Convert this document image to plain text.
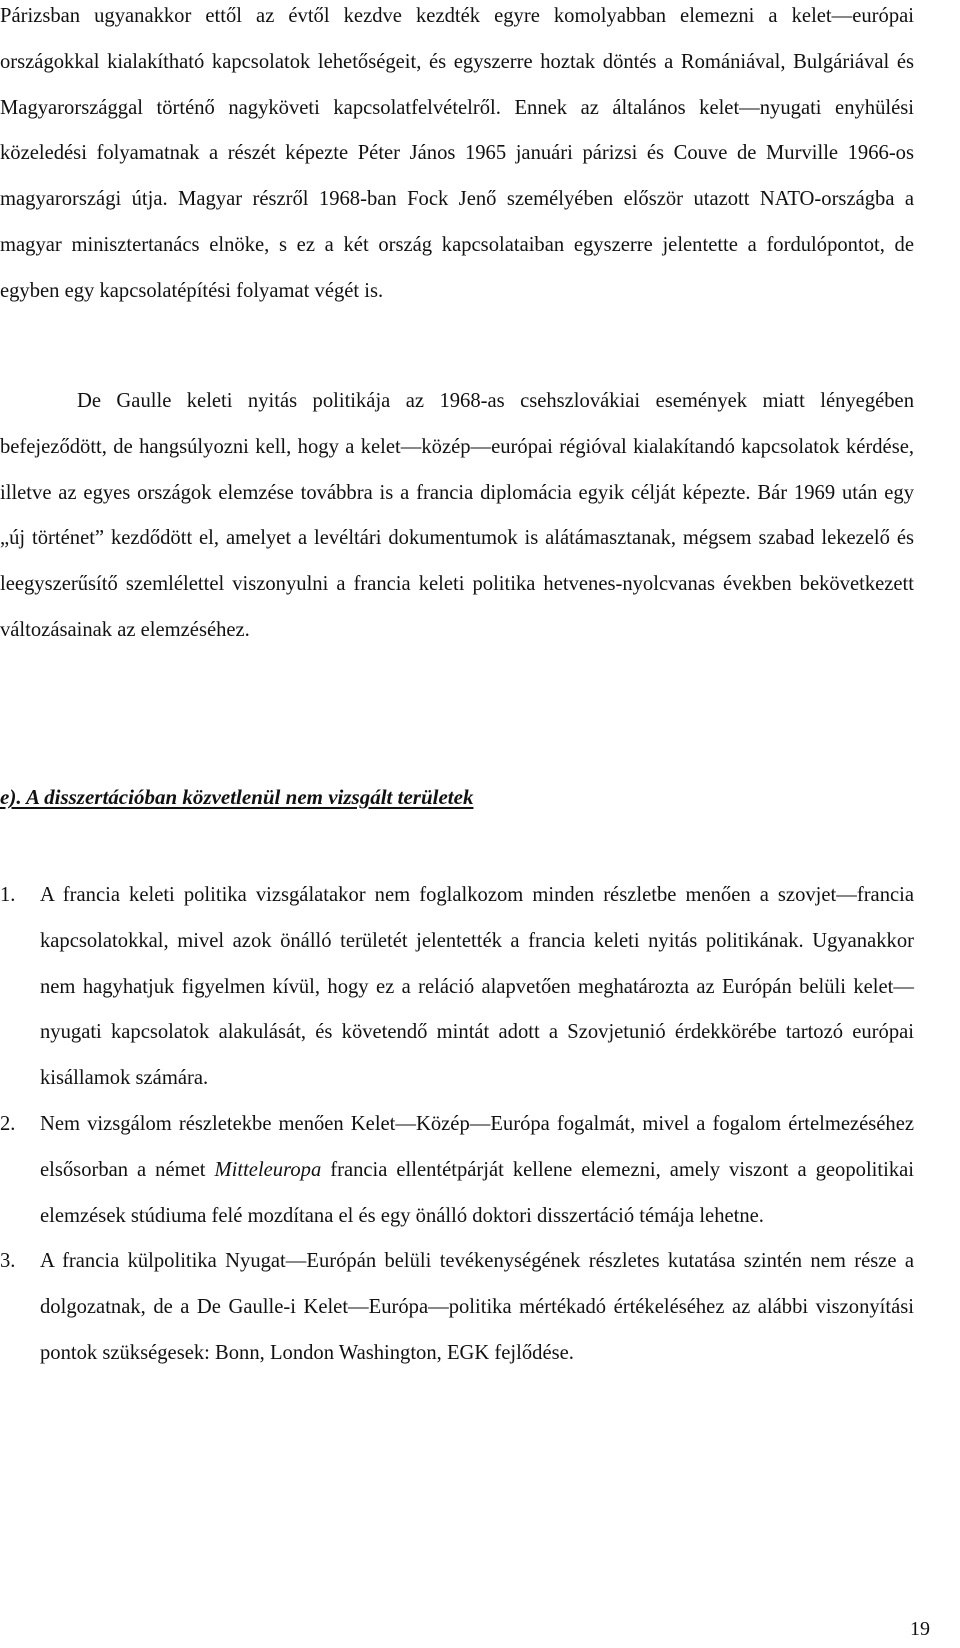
Párizsban ugyanakkor ettől az évtől kezdve kezdték egyre komolyabban elemezni a kelet—európai országokkal kialakítható kapcsolatok lehetőségeit, és egyszerre hoztak döntés a Romániával, Bulgáriával és Magyarországgal történő nagyköveti kapcsolatfelvételről. Ennek az általános kelet—nyugati enyhülési közeledési folyamatnak a részét képezte Péter János 1965 januári párizsi és Couve de Murville 1966-os magyarországi útja. Magyar részről 1968-ban Fock Jenő személyében először utazott NATO-országba a magyar minisztertanács elnöke, s ez a két ország kapcsolataiban egyszerre jelentette a fordulópontot, de egyben egy kapcsolatépítési folyamat végét is.

De Gaulle keleti nyitás politikája az 1968-as csehszlovákiai események miatt lényegében befejeződött, de hangsúlyozni kell, hogy a kelet—közép—európai régióval kialakítandó kapcsolatok kérdése, illetve az egyes országok elemzése továbbra is a francia diplomácia egyik célját képezte. Bár 1969 után egy „új történet” kezdődött el, amelyet a levéltári dokumentumok is alátámasztanak, mégsem szabad lekezelő és leegyszerűsítő szemlélettel viszonyulni a francia keleti politika hetvenes-nyolcvanas években bekövetkezett változásainak az elemzéséhez.

e). A disszertációban közvetlenül nem vizsgált területek
1. A francia keleti politika vizsgálatakor nem foglalkozom minden részletbe menően a szovjet—francia kapcsolatokkal, mivel azok önálló területét jelentették a francia keleti nyitás politikának. Ugyanakkor nem hagyhatjuk figyelmen kívül, hogy ez a reláció alapvetően meghatározta az Európán belüli kelet—nyugati kapcsolatok alakulását, és követendő mintát adott a Szovjetunió érdekkörébe tartozó európai kisállamok számára.
2. Nem vizsgálom részletekbe menően Kelet—Közép—Európa fogalmát, mivel a fogalom értelmezéséhez elsősorban a német Mitteleuropa francia ellentétpárját kellene elemezni, amely viszont a geopolitikai elemzések stúdiuma felé mozdítana el és egy önálló doktori disszertáció témája lehetne.
3. A francia külpolitika Nyugat—Európán belüli tevékenységének részletes kutatása szintén nem része a dolgozatnak, de a De Gaulle-i Kelet—Európa—politika mértékadó értékeléséhez az alábbi viszonyítási pontok szükségesek: Bonn, London Washington, EGK fejlődése.
19
